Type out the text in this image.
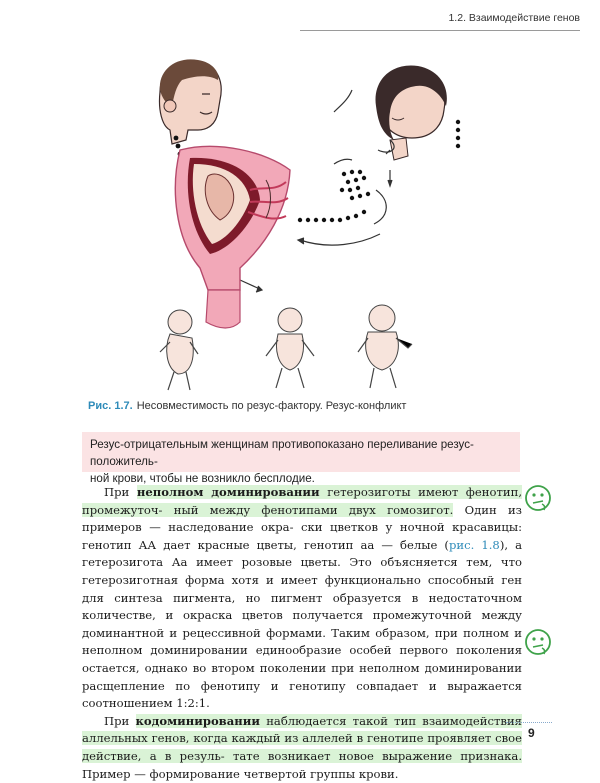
1.2. Взаимодействие генов
Рис. 1.7. Несовместимость по резус-фактору. Резус-конфликт

Резус-отрицательным женщинам противопоказано переливание резус-положитель-

ной крови, чтобы не возникло бесплодие.

При неполном доминировании гетерозиготы имеют фенотип, промежуточ- ный между фенотипами двух гомозигот. Один из примеров — наследование окра- ски цветков у ночной красавицы: генотип АА дает красные цветы, генотип аа — белые (рис. 1.8), а гетерозигота Аа имеет розовые цветы. Это объясняется тем, что гетерозиготная форма хотя и имеет функционально способный ген для синтеза пигмента, но пигмент образуется в недостаточном количестве, и окраска цветов получается промежуточной между доминантной и рецессивной формами. Таким образом, при полном и неполном доминировании единообразие особей первого поколения остается, однако во втором поколении при неполном доминировании расщепление по фенотипу и генотипу совпадает и выражается соотношением 1:2:1.

При кодоминировании наблюдается такой тип взаимодействия аллельных генов, когда каждый из аллелей в генотипе проявляет свое действие, а в резуль- тате возникает новое выражение признака. Пример — формирование четвертой группы крови.

9
